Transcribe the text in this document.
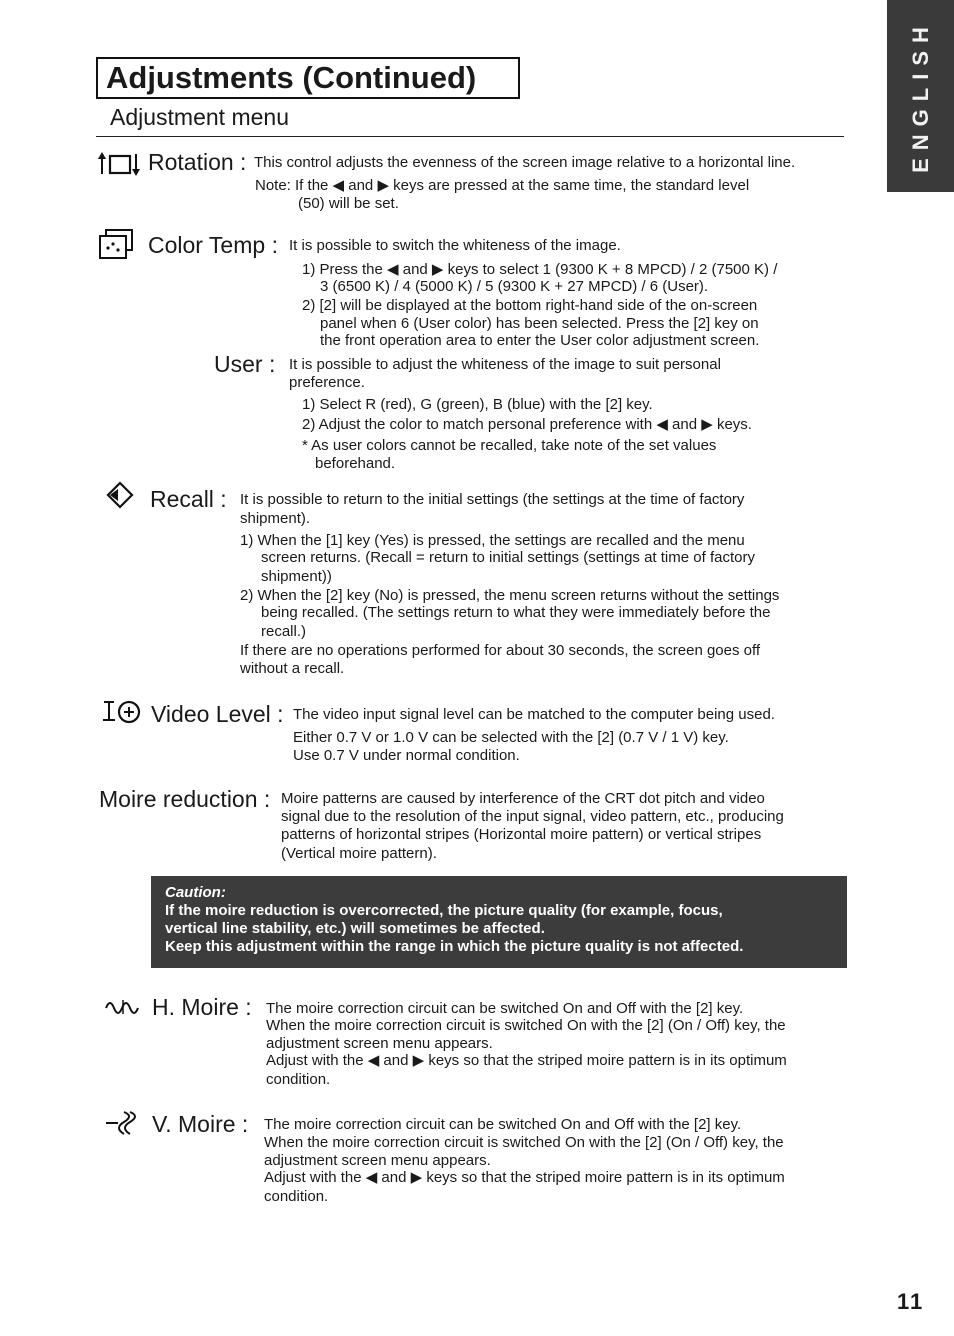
Adjustments (Continued)
Adjustment menu	ENGLISH
Rotation : This control adjusts the evenness of the screen image relative to a horizontal line.
Note: If the ◀ and ▶ keys are pressed at the same time, the standard level
(50) will be set.
Color Temp : It is possible to switch the whiteness of the image.
1) Press the ◀ and ▶ keys to select 1 (9300 K + 8 MPCD) / 2 (7500 K) /
3 (6500 K) / 4 (5000 K) / 5 (9300 K + 27 MPCD) / 6 (User).
2) [2] will be displayed at the bottom right-hand side of the on-screen
panel when 6 (User color) has been selected. Press the [2] key on
the front operation area to enter the User color adjustment screen.
User : It is possible to adjust the whiteness of the image to suit personal
preference.
1) Select R (red), G (green), B (blue) with the [2] key.
2) Adjust the color to match personal preference with ◀ and ▶ keys.
* As user colors cannot be recalled, take note of the set values
beforehand.
Recall : It is possible to return to the initial settings (the settings at the time of factory
shipment).
1) When the [1] key (Yes) is pressed, the settings are recalled and the menu
screen returns. (Recall = return to initial settings (settings at time of factory
shipment))
2) When the [2] key (No) is pressed, the menu screen returns without the settings
being recalled. (The settings return to what they were immediately before the
recall.)
If there are no operations performed for about 30 seconds, the screen goes off
without a recall.
Video Level : The video input signal level can be matched to the computer being used.
Either 0.7 V or 1.0 V can be selected with the [2] (0.7 V / 1 V) key.
Use 0.7 V under normal condition.
Moire reduction : Moire patterns are caused by interference of the CRT dot pitch and video
signal due to the resolution of the input signal, video pattern, etc., producing
patterns of horizontal stripes (Horizontal moire pattern) or vertical stripes
(Vertical moire pattern).
Caution:
If the moire reduction is overcorrected, the picture quality (for example, focus,
vertical line stability, etc.) will sometimes be affected.
Keep this adjustment within the range in which the picture quality is not affected.
H. Moire : The moire correction circuit can be switched On and Off with the [2] key.
When the moire correction circuit is switched On with the [2] (On / Off) key, the
adjustment screen menu appears.
Adjust with the ◀ and ▶ keys so that the striped moire pattern is in its optimum
condition.
V. Moire : The moire correction circuit can be switched On and Off with the [2] key.
When the moire correction circuit is switched On with the [2] (On / Off) key, the
adjustment screen menu appears.
Adjust with the ◀ and ▶ keys so that the striped moire pattern is in its optimum
condition.
11
